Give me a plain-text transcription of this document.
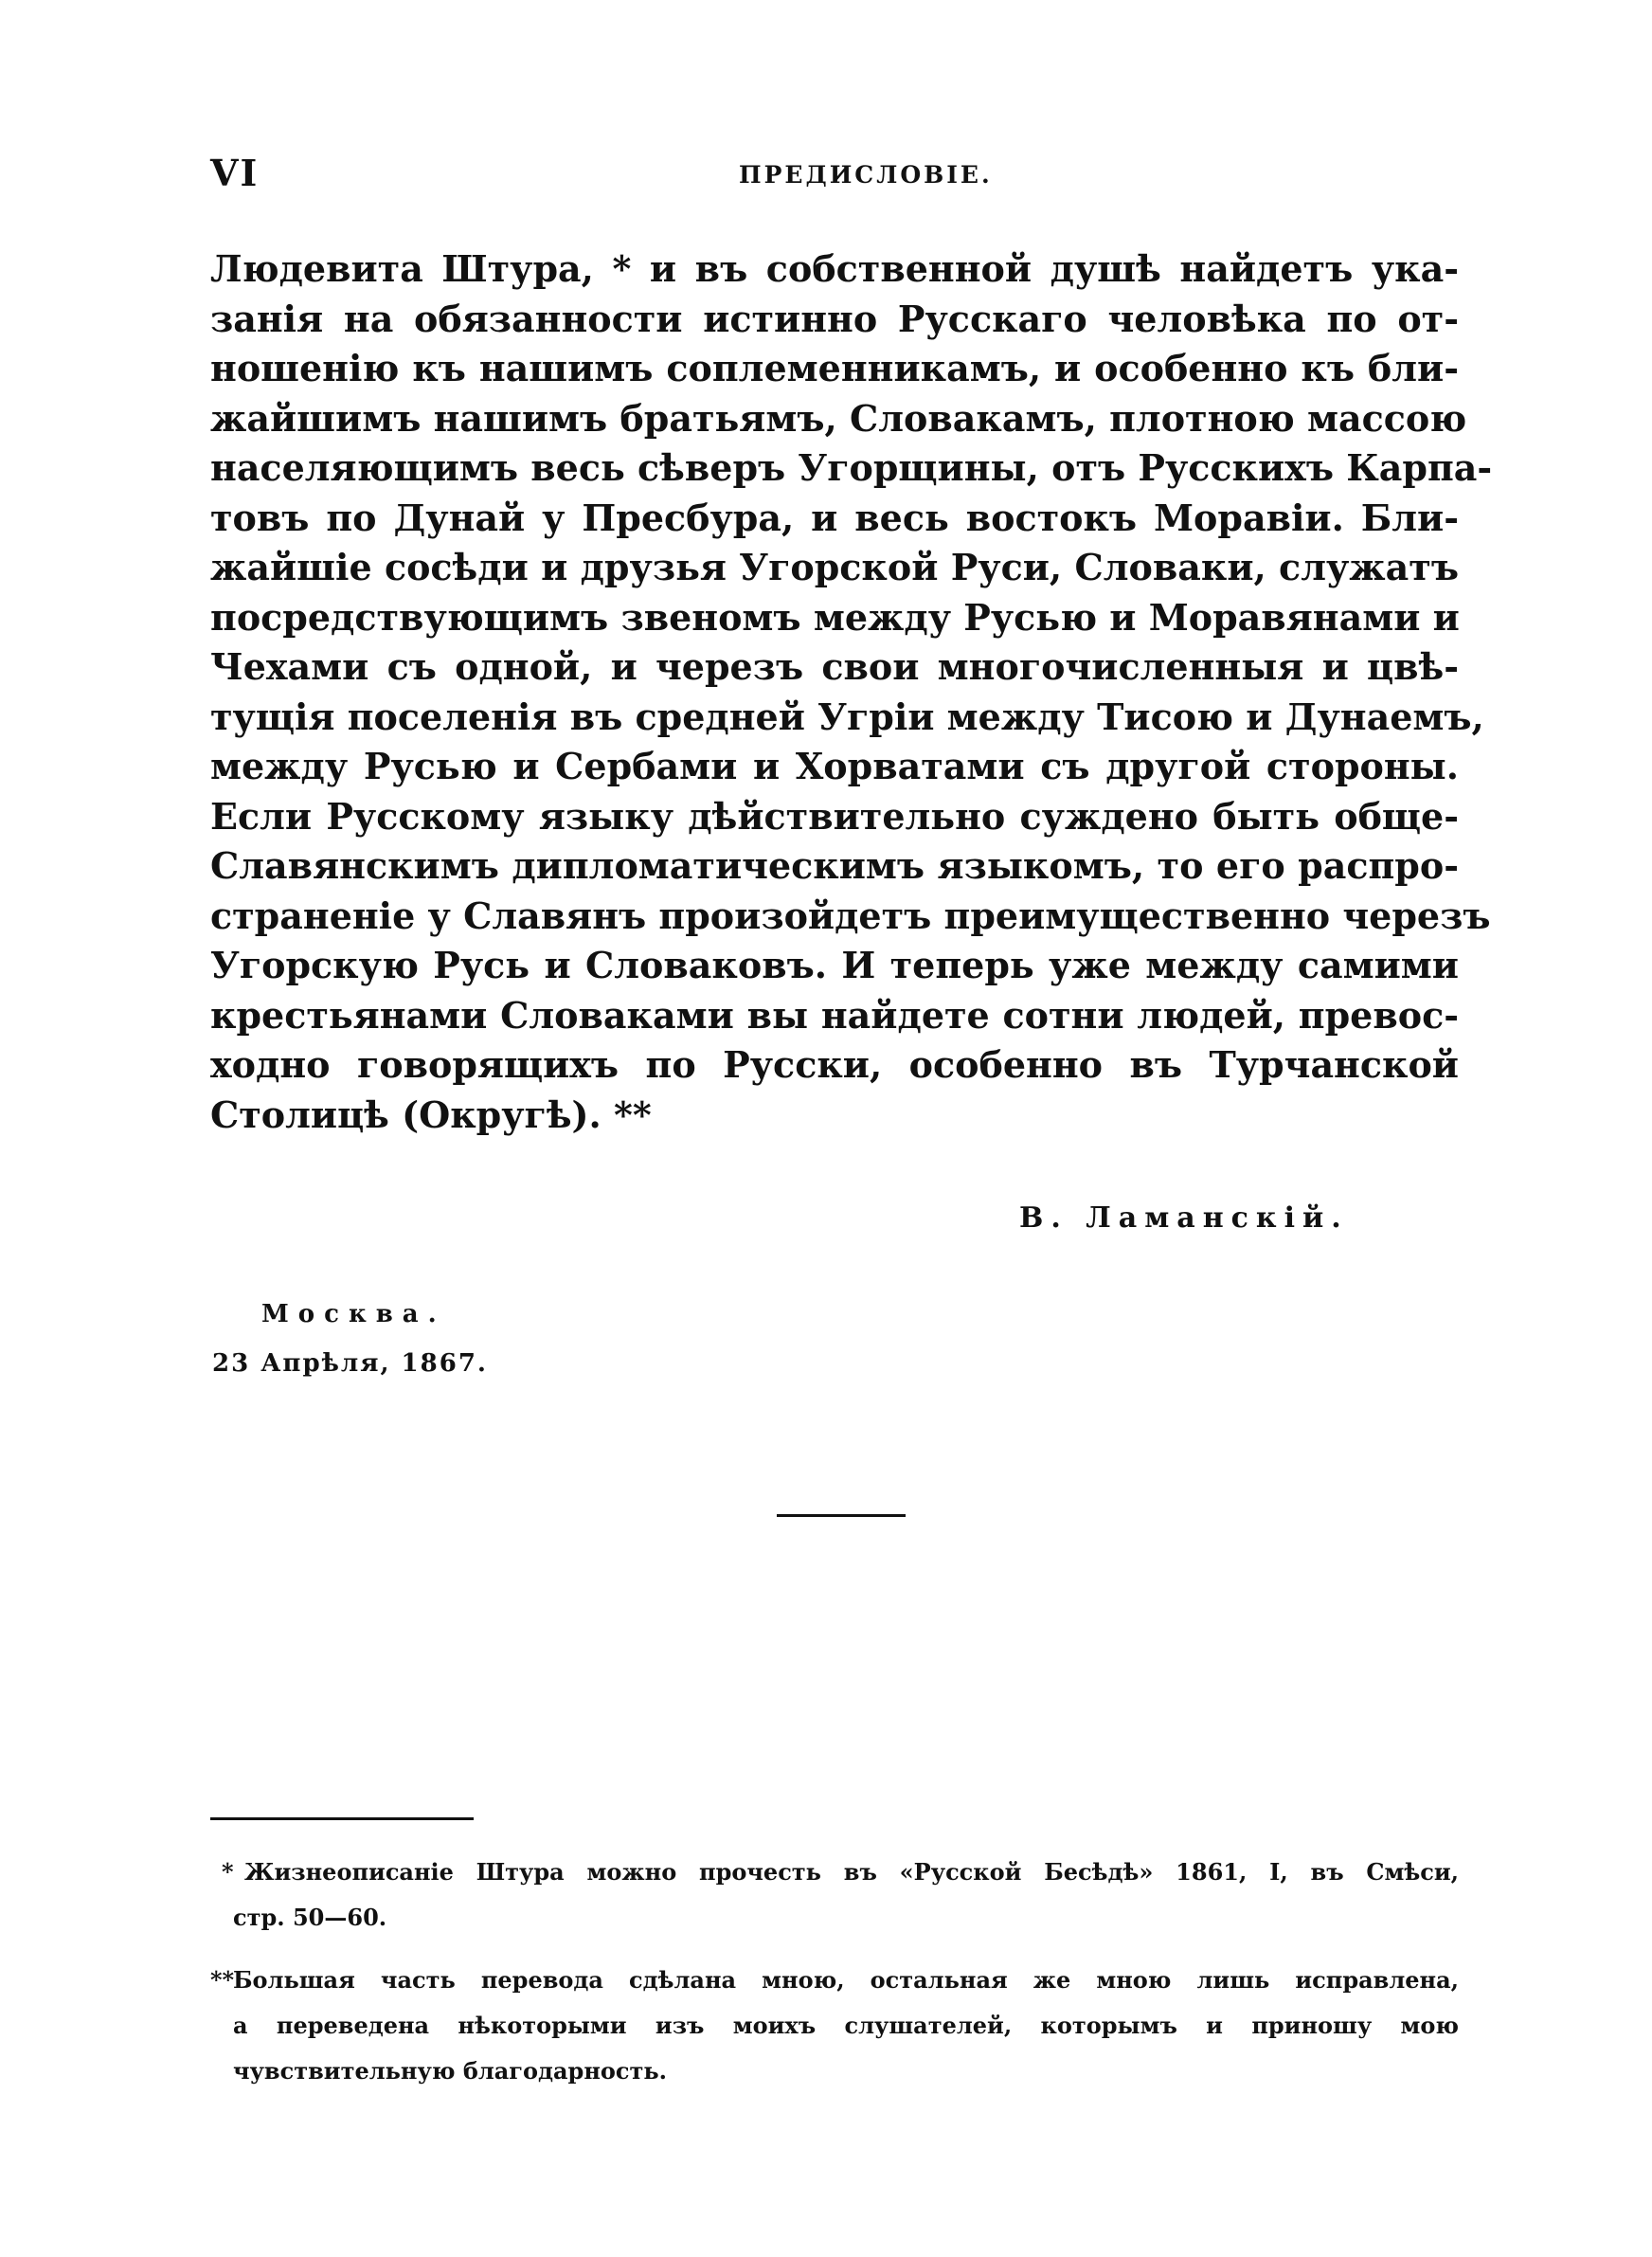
VI	ПРЕДИСЛОВІЕ.
Людевита Штура, * и въ собственной душѣ найдетъ ука-
занія на обязанности истинно Русскаго человѣка по от-
ношенію къ нашимъ соплеменникамъ, и особенно къ бли-
жайшимъ нашимъ братьямъ, Словакамъ, плотною массою
населяющимъ весь сѣверъ Угорщины, отъ Русскихъ Карпа-
товъ по Дунай у Пресбура, и весь востокъ Моравіи. Бли-
жайшіе сосѣди и друзья Угорской Руси, Словаки, служатъ
посредствующимъ звеномъ между Русью и Моравянами и
Чехами съ одной, и черезъ свои многочисленныя и цвѣ-
тущія поселенія въ средней Угріи между Тисою и Дунаемъ,
между Русью и Сербами и Хорватами съ другой стороны.
Если Русскому языку дѣйствительно суждено быть обще-
Славянскимъ дипломатическимъ языкомъ, то его распро-
страненіе у Славянъ произойдетъ преимущественно черезъ
Угорскую Русь и Словаковъ. И теперь уже между самими
крестьянами Словаками вы найдете сотни людей, превос-
ходно говорящихъ по Русски, особенно въ Турчанской
Столицѣ (Округѣ). **
В. Ламанскій.
Москва.
23 Апрѣля, 1867.
* Жизнеописаніе Штура можно прочесть въ «Русской Бесѣдѣ» 1861, I, въ Смѣси,
стр. 50—60.
**Большая часть перевода сдѣлана мною, остальная же мною лишь исправлена,
а переведена нѣкоторыми изъ моихъ слушателей, которымъ и приношу мою
чувствительную благодарность.
